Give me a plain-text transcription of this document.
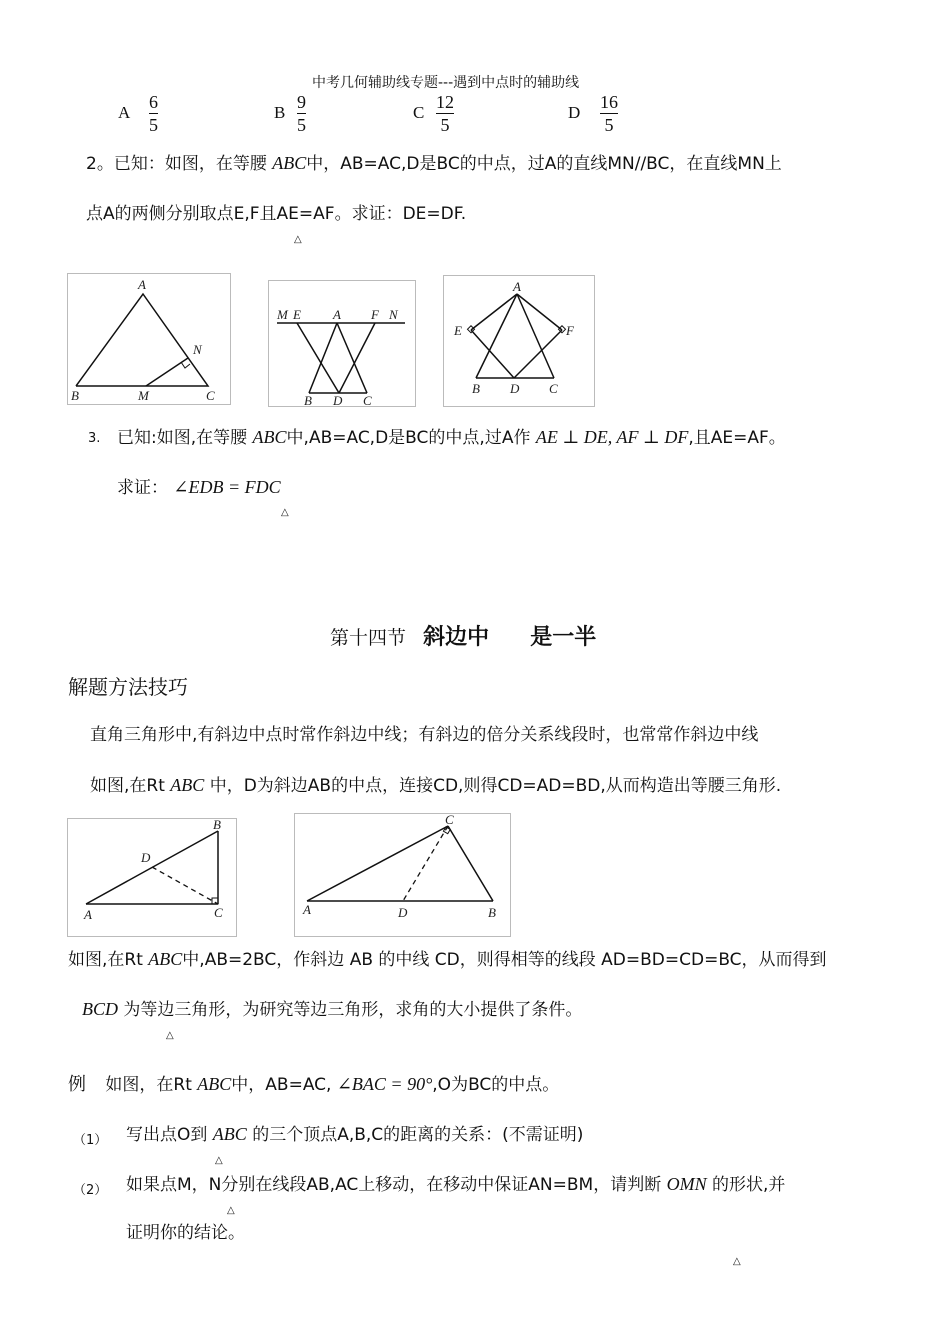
中考几何辅助线专题---遇到中点时的辅助线
A
6
5
B
9
5
C
12
5
D
16
5
2。已知：如图，在等腰 ABC中，AB=AC,D是BC的中点，过A的直线MN//BC，在直线MN上
点A的两侧分别取点E,F且AE=AF。求证：DE=DF.
△
A
B	C
M
N
M E A F N
B D C
A
E	F
B D C
3. 已知:如图,在等腰 ABC中,AB=AC,D是BC的中点,过A作 AE ⊥ DE, AF ⊥ DF,且AE=AF。
求证： ∠EDB = FDC
△
第十四节 斜边中 是一半
解题方法技巧
直角三角形中,有斜边中点时常作斜边中线；有斜边的倍分关系线段时，也常常作斜边中线
如图,在Rt ABC 中，D为斜边AB的中点，连接CD,则得CD=AD=BD,从而构造出等腰三角形.
B
D
A	C
C
A	D	B
如图,在Rt ABC中,AB=2BC，作斜边 AB 的中线 CD，则得相等的线段 AD=BD=CD=BC，从而得到
BCD 为等边三角形，为研究等边三角形，求角的大小提供了条件。
△
例 如图，在Rt ABC中，AB=AC, ∠BAC = 90°,O为BC的中点。
（1） 写出点O到 ABC 的三个顶点A,B,C的距离的关系：(不需证明)
△
（2） 如果点M，N分别在线段AB,AC上移动，在移动中保证AN=BM，请判断 OMN 的形状,并
△
证明你的结论。
△
